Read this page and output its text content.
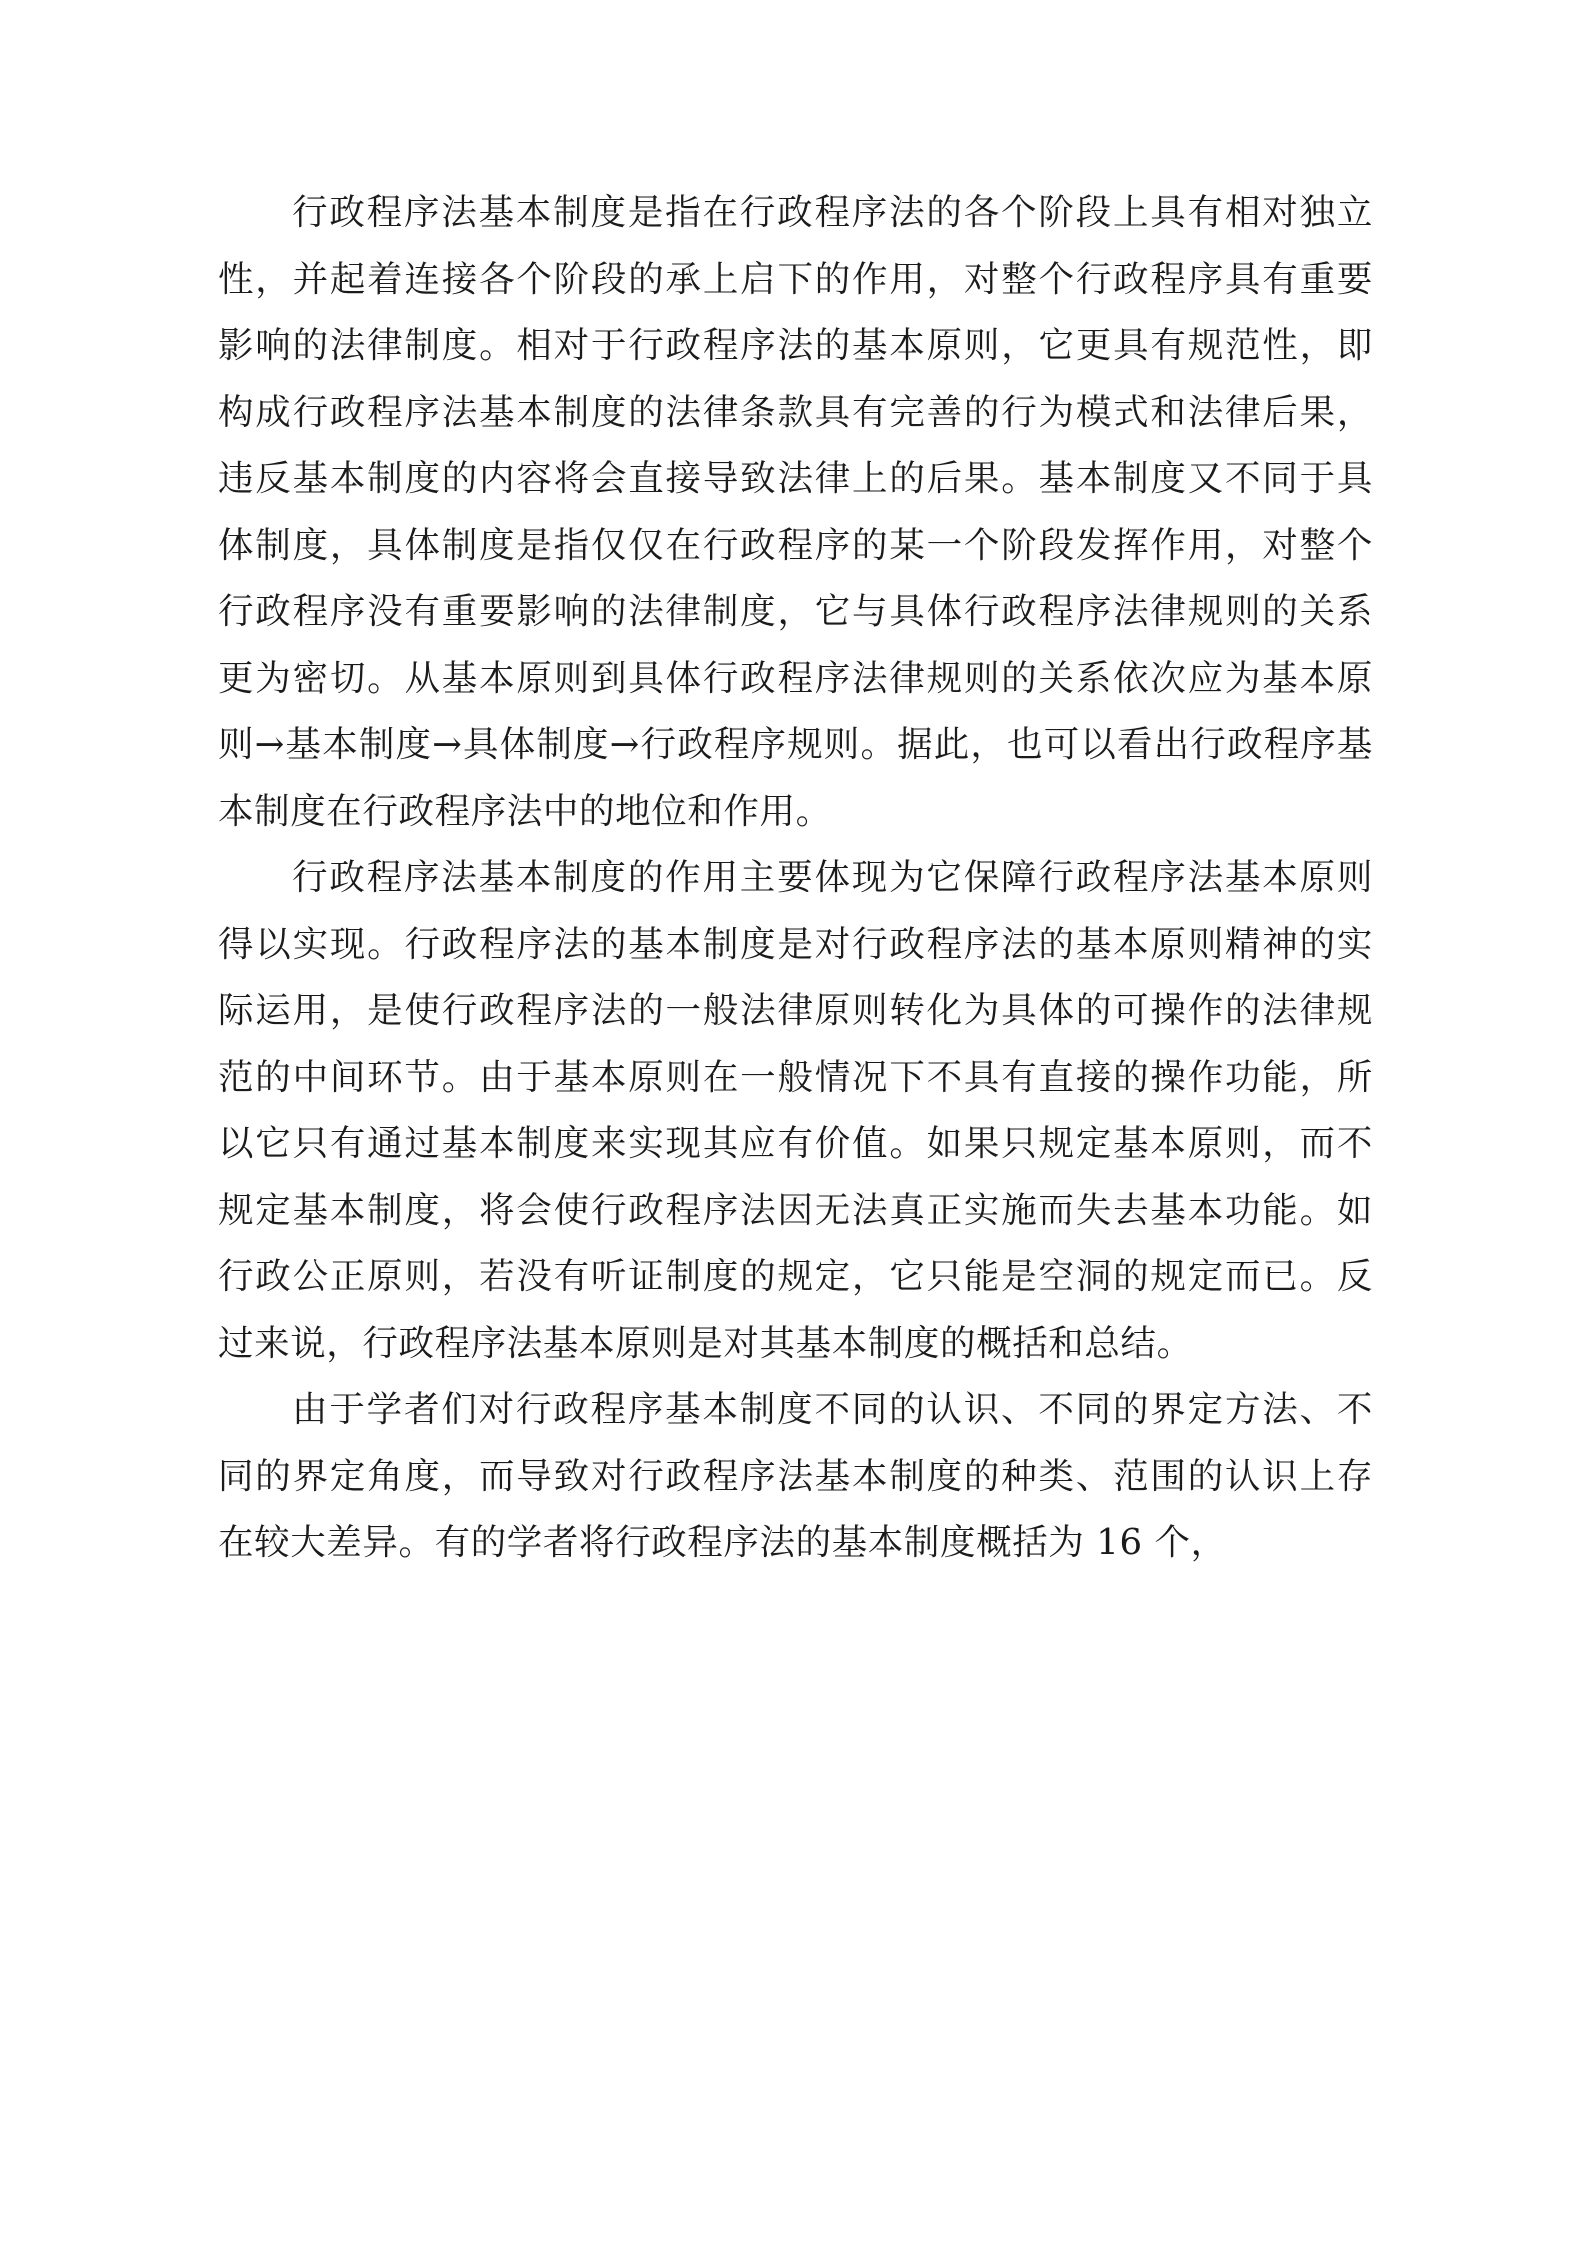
行政程序法基本制度是指在行政程序法的各个阶段上具有相对独立性，并起着连接各个阶段的承上启下的作用，对整个行政程序具有重要影响的法律制度。相对于行政程序法的基本原则，它更具有规范性，即构成行政程序法基本制度的法律条款具有完善的行为模式和法律后果，违反基本制度的内容将会直接导致法律上的后果。基本制度又不同于具体制度，具体制度是指仅仅在行政程序的某一个阶段发挥作用，对整个行政程序没有重要影响的法律制度，它与具体行政程序法律规则的关系更为密切。从基本原则到具体行政程序法律规则的关系依次应为基本原则→基本制度→具体制度→行政程序规则。据此，也可以看出行政程序基本制度在行政程序法中的地位和作用。

行政程序法基本制度的作用主要体现为它保障行政程序法基本原则得以实现。行政程序法的基本制度是对行政程序法的基本原则精神的实际运用，是使行政程序法的一般法律原则转化为具体的可操作的法律规范的中间环节。由于基本原则在一般情况下不具有直接的操作功能，所以它只有通过基本制度来实现其应有价值。如果只规定基本原则，而不规定基本制度，将会使行政程序法因无法真正实施而失去基本功能。如行政公正原则，若没有听证制度的规定，它只能是空洞的规定而已。反过来说，行政程序法基本原则是对其基本制度的概括和总结。

由于学者们对行政程序基本制度不同的认识、不同的界定方法、不同的界定角度，而导致对行政程序法基本制度的种类、范围的认识上存在较大差异。有的学者将行政程序法的基本制度概括为 16 个，
